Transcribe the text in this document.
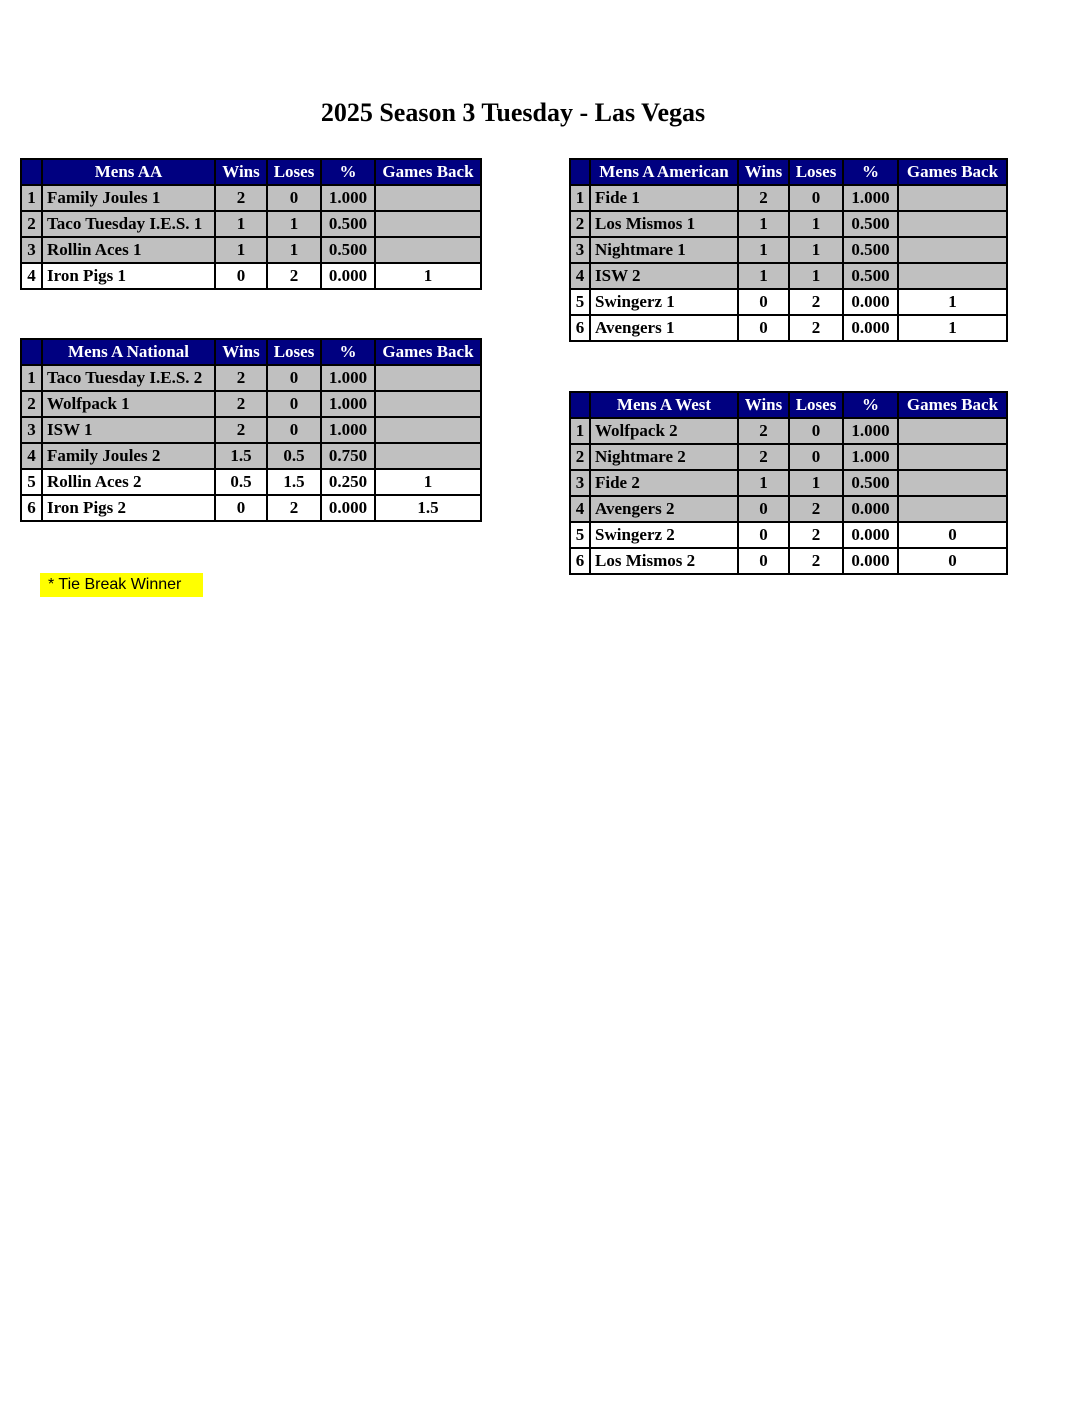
2025 Season 3 Tuesday - Las Vegas
	Mens AA	Wins	Loses	%	Games Back
1	Family Joules 1	2	0	1.000	
2	Taco Tuesday I.E.S. 1	1	1	0.500	
3	Rollin Aces 1	1	1	0.500	
4	Iron Pigs 1	0	2	0.000	1
	Mens A American	Wins	Loses	%	Games Back
1	Fide 1	2	0	1.000	
2	Los Mismos 1	1	1	0.500	
3	Nightmare 1	1	1	0.500	
4	ISW 2	1	1	0.500	
5	Swingerz 1	0	2	0.000	1
6	Avengers 1	0	2	0.000	1
	Mens A National	Wins	Loses	%	Games Back
1	Taco Tuesday I.E.S. 2	2	0	1.000	
2	Wolfpack 1	2	0	1.000	
3	ISW 1	2	0	1.000	
4	Family Joules 2	1.5	0.5	0.750	
5	Rollin Aces 2	0.5	1.5	0.250	1
6	Iron Pigs 2	0	2	0.000	1.5
	Mens A West	Wins	Loses	%	Games Back
1	Wolfpack 2	2	0	1.000	
2	Nightmare 2	2	0	1.000	
3	Fide 2	1	1	0.500	
4	Avengers 2	0	2	0.000	
5	Swingerz 2	0	2	0.000	0
6	Los Mismos 2	0	2	0.000	0
* Tie Break Winner
